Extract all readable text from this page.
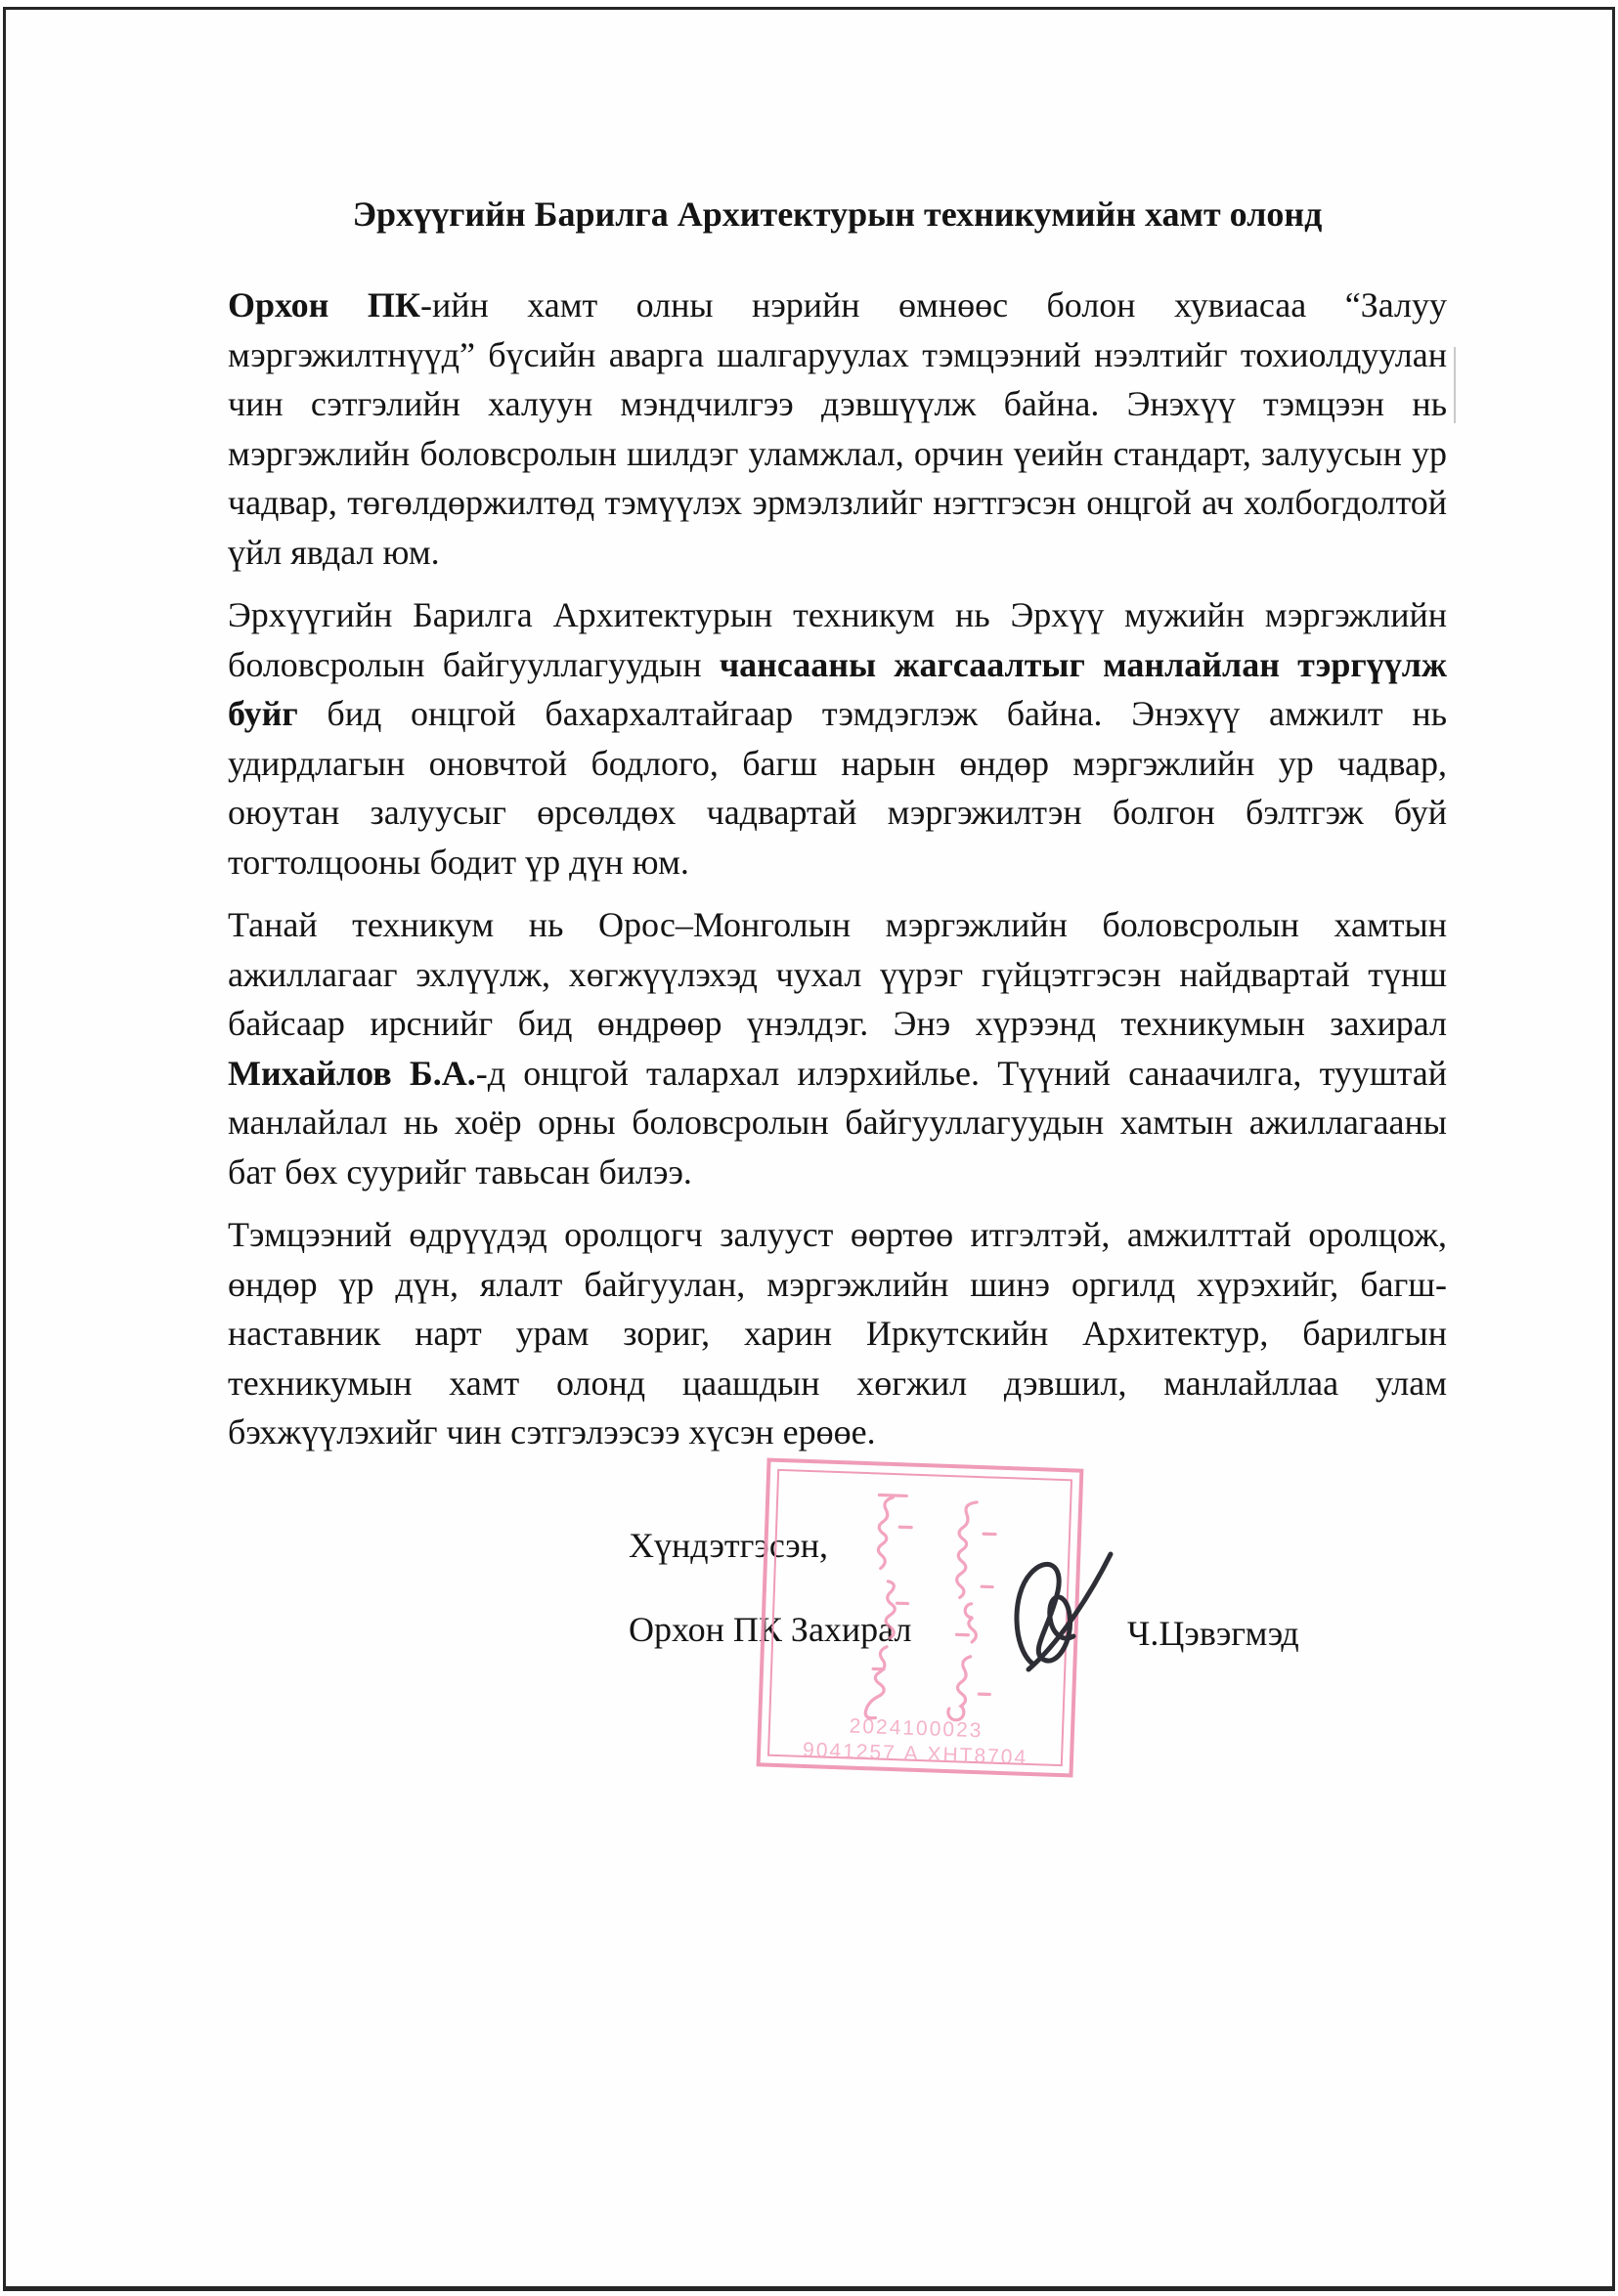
Эрхүүгийн Барилга Архитектурын техникумийн хамт олонд

Орхон ПК-ийн хамт олны нэрийн өмнөөс болон хувиасаа “Залуу мэргэжилтнүүд” бүсийн аварга шалгаруулах тэмцээний нээлтийг тохиолдуулан чин сэтгэлийн халуун мэндчилгээ дэвшүүлж байна. Энэхүү тэмцээн нь мэргэжлийн боловсролын шилдэг уламжлал, орчин үеийн стандарт, залуусын ур чадвар, төгөлдөржилтөд тэмүүлэх эрмэлзлийг нэгтгэсэн онцгой ач холбогдолтой үйл явдал юм.

Эрхүүгийн Барилга Архитектурын техникум нь Эрхүү мужийн мэргэжлийн боловсролын байгууллагуудын чансааны жагсаалтыг манлайлан тэргүүлж буйг бид онцгой бахархалтайгаар тэмдэглэж байна. Энэхүү амжилт нь удирдлагын оновчтой бодлого, багш нарын өндөр мэргэжлийн ур чадвар, оюутан залуусыг өрсөлдөх чадвартай мэргэжилтэн болгон бэлтгэж буй тогтолцооны бодит үр дүн юм.

Танай техникум нь Орос–Монголын мэргэжлийн боловсролын хамтын ажиллагааг эхлүүлж, хөгжүүлэхэд чухал үүрэг гүйцэтгэсэн найдвартай түнш байсаар ирснийг бид өндрөөр үнэлдэг. Энэ хүрээнд техникумын захирал Михайлов Б.А.-д онцгой талархал илэрхийлье. Түүний санаачилга, тууштай манлайлал нь хоёр орны боловсролын байгууллагуудын хамтын ажиллагааны бат бөх суурийг тавьсан билээ.

Тэмцээний өдрүүдэд оролцогч залууст өөртөө итгэлтэй, амжилттай оролцож, өндөр үр дүн, ялалт байгуулан, мэргэжлийн шинэ оргилд хүрэхийг, багш-наставник нарт урам зориг, харин Иркутскийн Архитектур, барилгын техникумын хамт олонд цаашдын хөгжил дэвшил, манлайллаа улам бэхжүүлэхийг чин сэтгэлээсээ хүсэн ерөөе.

Хүндэтгэсэн,
Орхон ПК Захирал	Ч.Цэвэгмэд
2024100023
9041257 А ХНТ8704
